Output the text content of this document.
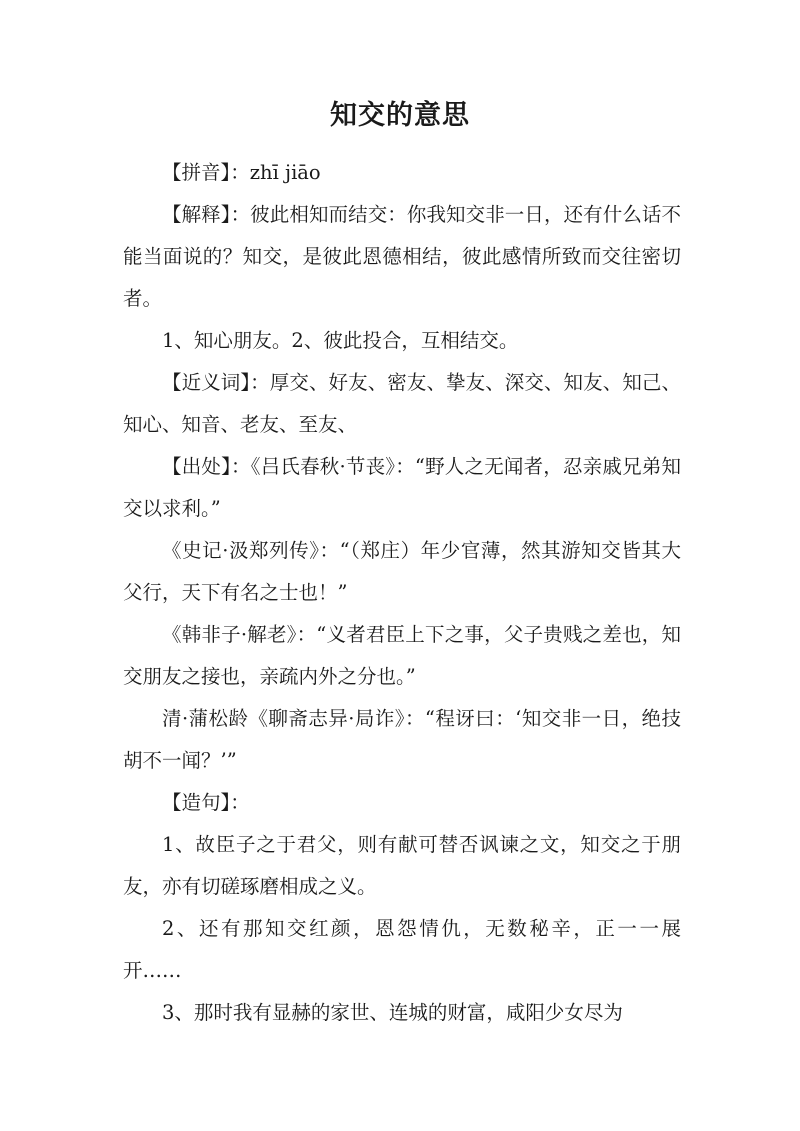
知交的意思

【拼音】：zhī jiāo

【解释】：彼此相知而结交：你我知交非一日，还有什么话不能当面说的？知交，是彼此恩德相结，彼此感情所致而交往密切者。

1、知心朋友。2、彼此投合，互相结交。

【近义词】：厚交、好友、密友、挚友、深交、知友、知己、知心、知音、老友、至友、

【出处】：《吕氏春秋·节丧》：“野人之无闻者，忍亲戚兄弟知交以求利。”

《史记·汲郑列传》：“（郑庄）年少官薄，然其游知交皆其大父行，天下有名之士也！”

《韩非子·解老》：“义者君臣上下之事，父子贵贱之差也，知交朋友之接也，亲疏内外之分也。”

清·蒲松龄《聊斋志异·局诈》：“程讶曰：‘知交非一日，绝技胡不一闻？’”

【造句】：

1、故臣子之于君父，则有献可替否讽谏之文，知交之于朋友，亦有切磋琢磨相成之义。

2、还有那知交红颜，恩怨情仇，无数秘辛，正一一展开……

3、那时我有显赫的家世、连城的财富，咸阳少女尽为
